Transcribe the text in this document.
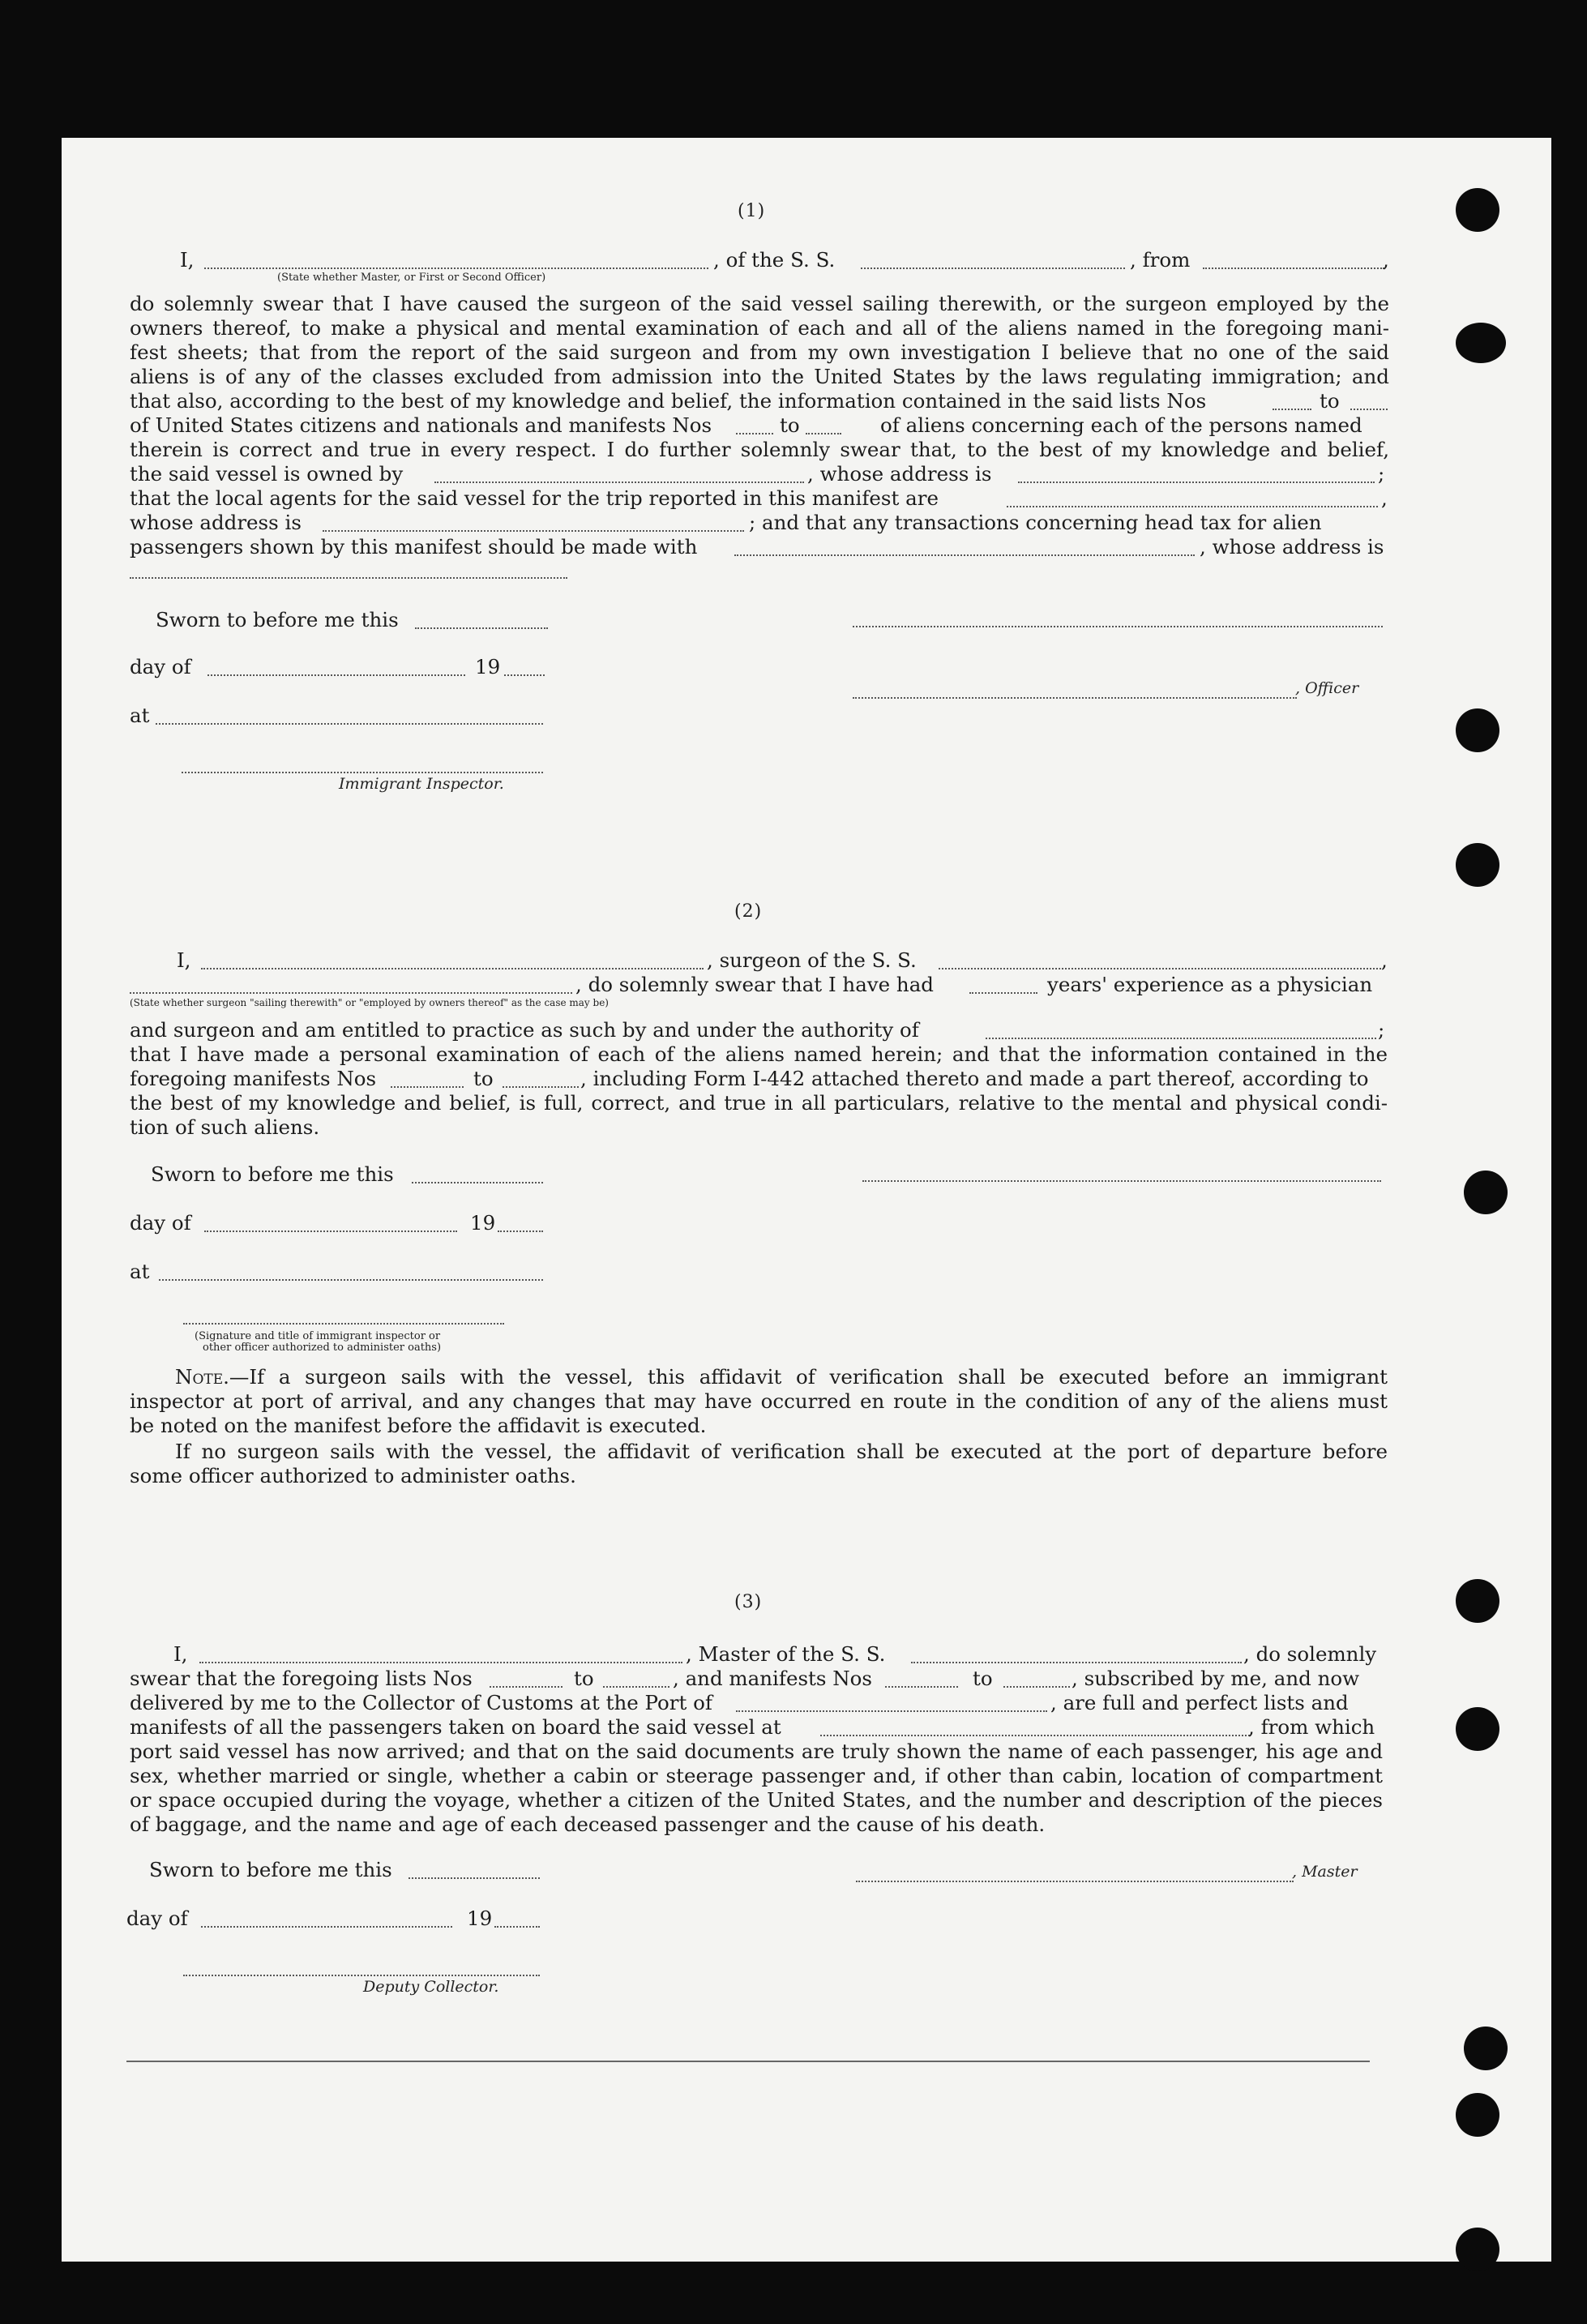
(1)
I,	, of the S. S.	, from	,
(State whether Master, or First or Second Officer)
do solemnly swear that I have caused the surgeon of the said vessel sailing therewith, or the surgeon employed by the
owners thereof, to make a physical and mental examination of each and all of the aliens named in the foregoing mani-
fest sheets; that from the report of the said surgeon and from my own investigation I believe that no one of the said
aliens is of any of the classes excluded from admission into the United States by the laws regulating immigration; and
that also, according to the best of my knowledge and belief, the information contained in the said lists Nos	to
of United States citizens and nationals and manifests Nos	to	of aliens concerning each of the persons named
therein is correct and true in every respect. I do further solemnly swear that, to the best of my knowledge and belief,
the said vessel is owned by	, whose address is	;
that the local agents for the said vessel for the trip reported in this manifest are	,
whose address is	; and that any transactions concerning head tax for alien
passengers shown by this manifest should be made with	, whose address is
Sworn to before me this
day of	19
, Officer
at
Immigrant Inspector.
(2)
I,	, surgeon of the S. S.	,
, do solemnly swear that I have had	years' experience as a physician
(State whether surgeon "sailing therewith" or "employed by owners thereof" as the case may be)
and surgeon and am entitled to practice as such by and under the authority of	;
that I have made a personal examination of each of the aliens named herein; and that the information contained in the
foregoing manifests Nos	to	, including Form I-442 attached thereto and made a part thereof, according to
the best of my knowledge and belief, is full, correct, and true in all particulars, relative to the mental and physical condi-
tion of such aliens.
Sworn to before me this
day of	19
at
(Signature and title of immigrant inspector or
other officer authorized to administer oaths)
Note.—If a surgeon sails with the vessel, this affidavit of verification shall be executed before an immigrant
inspector at port of arrival, and any changes that may have occurred en route in the condition of any of the aliens must
be noted on the manifest before the affidavit is executed.
If no surgeon sails with the vessel, the affidavit of verification shall be executed at the port of departure before
some officer authorized to administer oaths.
(3)
I,	, Master of the S. S.	, do solemnly
swear that the foregoing lists Nos	to	, and manifests Nos	to	, subscribed by me, and now
delivered by me to the Collector of Customs at the Port of	, are full and perfect lists and
manifests of all the passengers taken on board the said vessel at	, from which
port said vessel has now arrived; and that on the said documents are truly shown the name of each passenger, his age and
sex, whether married or single, whether a cabin or steerage passenger and, if other than cabin, location of compartment
or space occupied during the voyage, whether a citizen of the United States, and the number and description of the pieces
of baggage, and the name and age of each deceased passenger and the cause of his death.
Sworn to before me this	, Master
day of	19
Deputy Collector.
